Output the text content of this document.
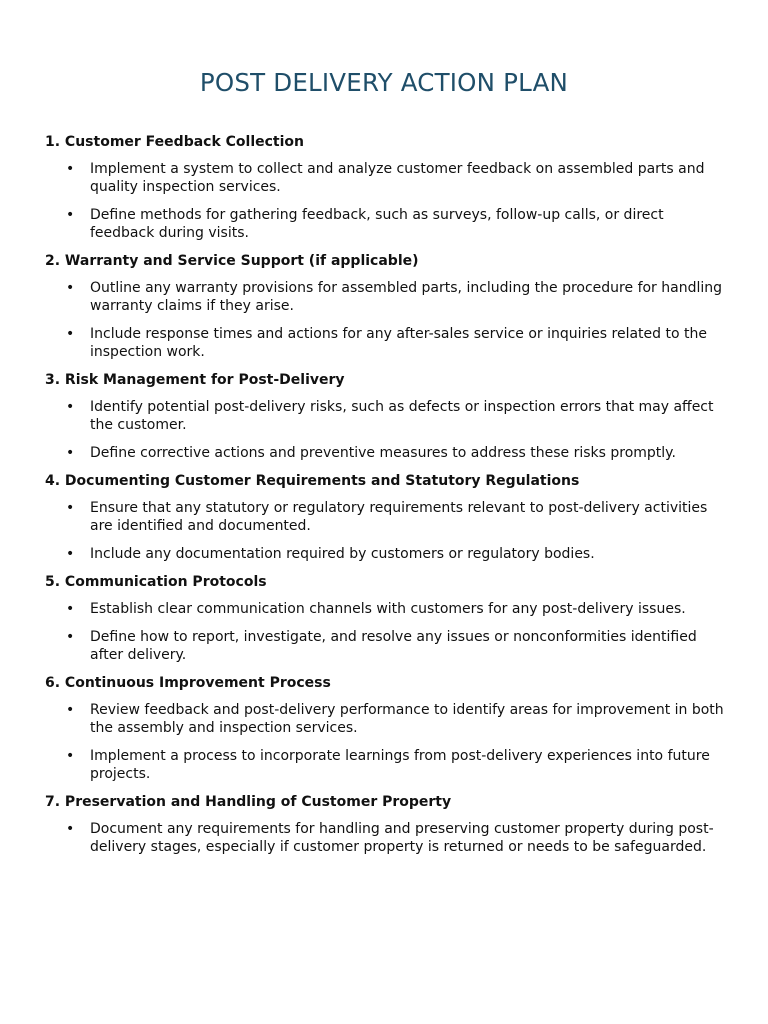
POST DELIVERY ACTION PLAN
1. Customer Feedback Collection
• Implement a system to collect and analyze customer feedback on assembled parts and quality inspection services.
• Define methods for gathering feedback, such as surveys, follow-up calls, or direct feedback during visits.
2. Warranty and Service Support (if applicable)
• Outline any warranty provisions for assembled parts, including the procedure for handling warranty claims if they arise.
• Include response times and actions for any after-sales service or inquiries related to the inspection work.
3. Risk Management for Post-Delivery
• Identify potential post-delivery risks, such as defects or inspection errors that may affect the customer.
• Define corrective actions and preventive measures to address these risks promptly.
4. Documenting Customer Requirements and Statutory Regulations
• Ensure that any statutory or regulatory requirements relevant to post-delivery activities are identified and documented.
• Include any documentation required by customers or regulatory bodies.
5. Communication Protocols
• Establish clear communication channels with customers for any post-delivery issues.
• Define how to report, investigate, and resolve any issues or nonconformities identified after delivery.
6. Continuous Improvement Process
• Review feedback and post-delivery performance to identify areas for improvement in both the assembly and inspection services.
• Implement a process to incorporate learnings from post-delivery experiences into future projects.
7. Preservation and Handling of Customer Property
• Document any requirements for handling and preserving customer property during post-delivery stages, especially if customer property is returned or needs to be safeguarded.
